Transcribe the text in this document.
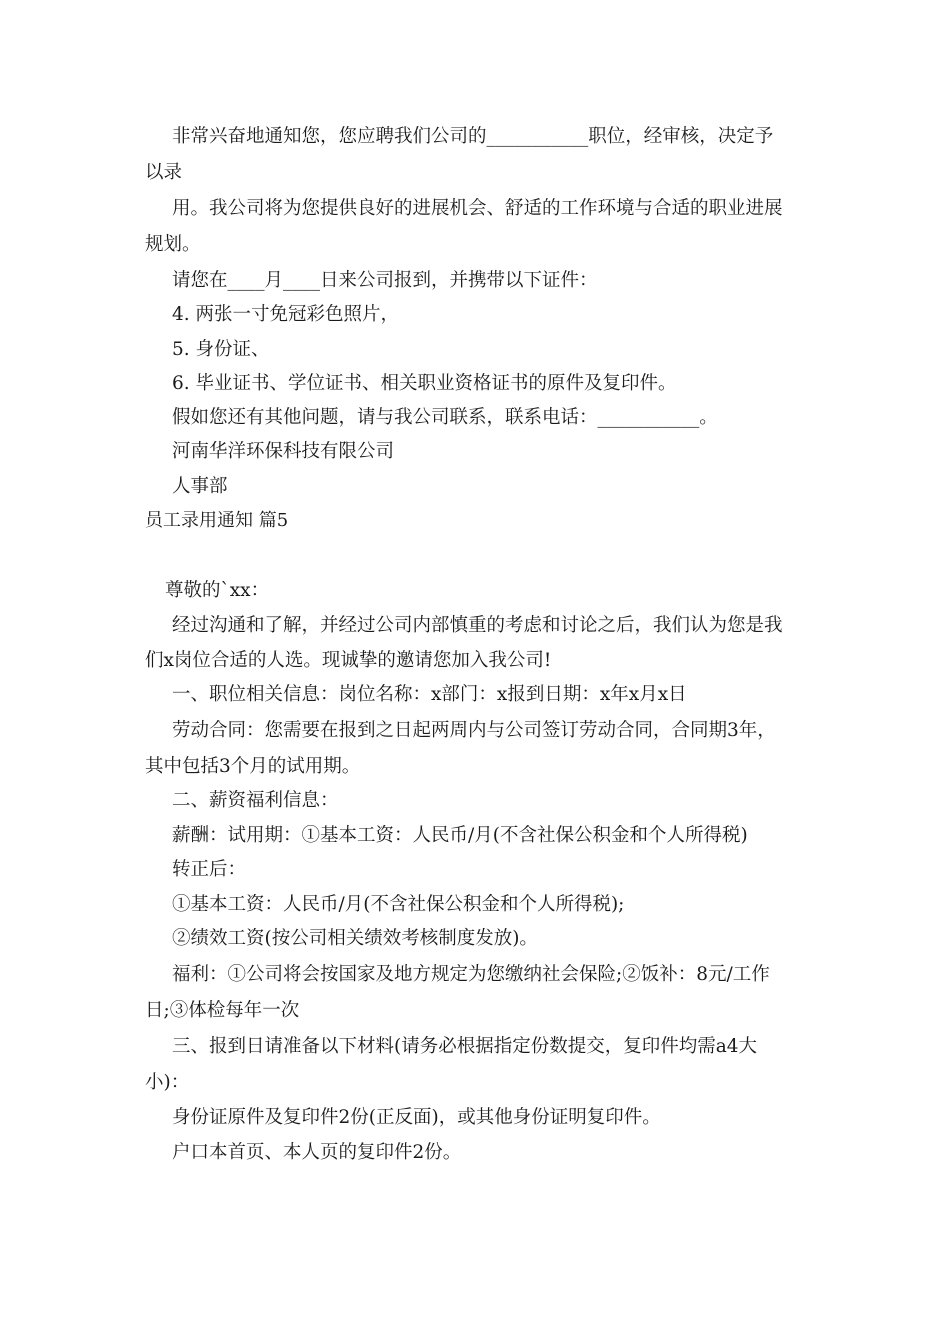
非常兴奋地通知您，您应聘我们公司的___________职位，经审核，决定予
以录
用。我公司将为您提供良好的进展机会、舒适的工作环境与合适的职业进展
规划。
请您在____月____日来公司报到，并携带以下证件：
4. 两张一寸免冠彩色照片，
5. 身份证、
6. 毕业证书、学位证书、相关职业资格证书的原件及复印件。
假如您还有其他问题，请与我公司联系，联系电话：___________。
河南华洋环保科技有限公司
人事部
员工录用通知 篇5
尊敬的`xx：
经过沟通和了解，并经过公司内部慎重的考虑和讨论之后，我们认为您是我
们x岗位合适的人选。现诚挚的邀请您加入我公司!
一、职位相关信息：岗位名称：x部门：x报到日期：x年x月x日
劳动合同：您需要在报到之日起两周内与公司签订劳动合同，合同期3年，
其中包括3个月的试用期。
二、薪资福利信息：
薪酬：试用期：①基本工资：人民币/月(不含社保公积金和个人所得税)
转正后：
①基本工资：人民币/月(不含社保公积金和个人所得税);
②绩效工资(按公司相关绩效考核制度发放)。
福利：①公司将会按国家及地方规定为您缴纳社会保险;②饭补：8元/工作
日;③体检每年一次
三、报到日请准备以下材料(请务必根据指定份数提交，复印件均需a4大
小)：
身份证原件及复印件2份(正反面)，或其他身份证明复印件。
户口本首页、本人页的复印件2份。
